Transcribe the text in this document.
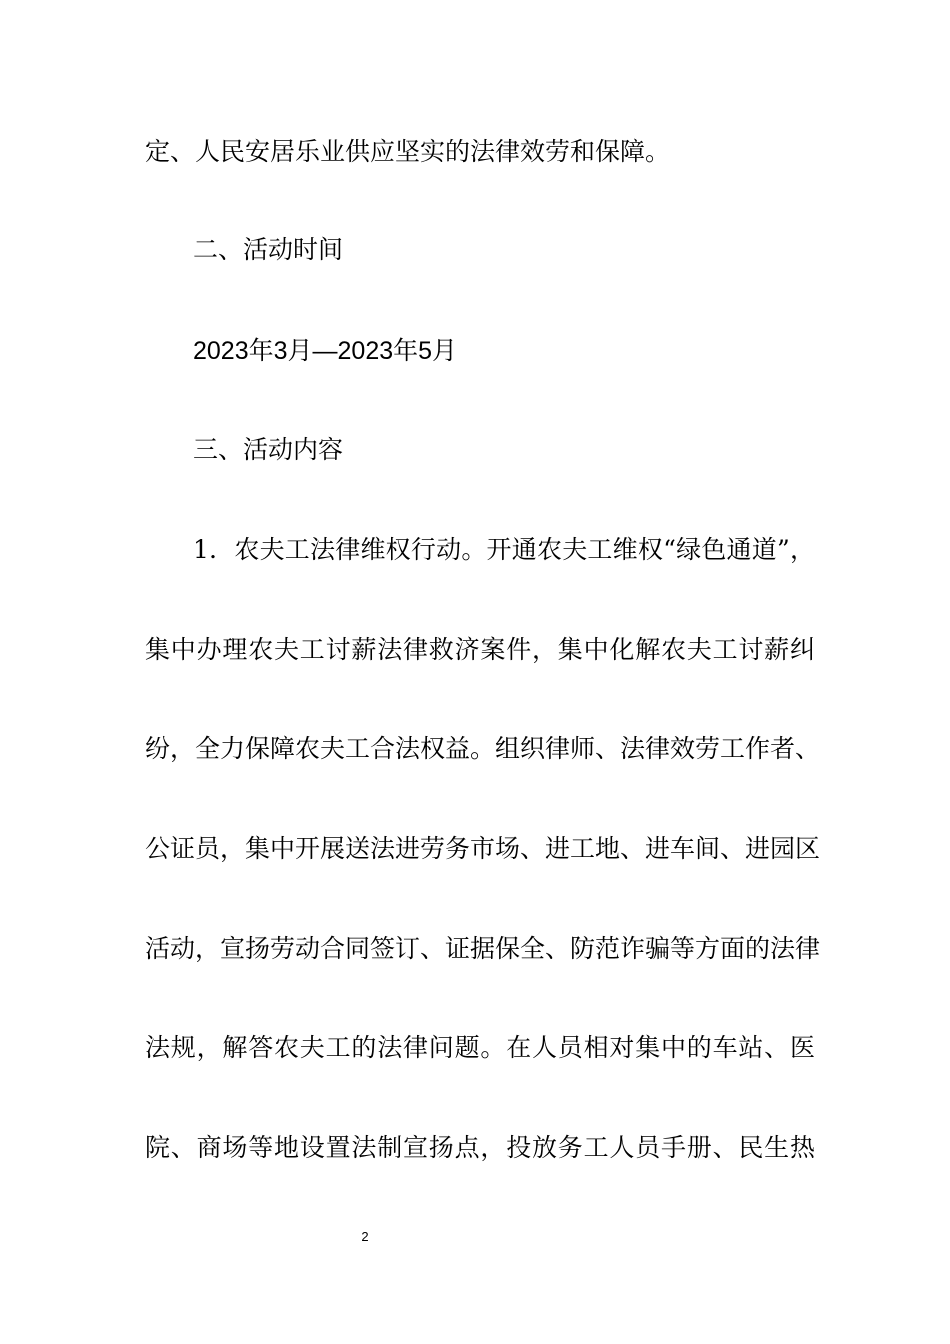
定、人民安居乐业供应坚实的法律效劳和保障。
二、活动时间
2023年3月—2023年5月
三、活动内容
1．农夫工法律维权行动。开通农夫工维权“绿色通道”，
集中办理农夫工讨薪法律救济案件，集中化解农夫工讨薪纠
纷，全力保障农夫工合法权益。组织律师、法律效劳工作者、
公证员，集中开展送法进劳务市场、进工地、进车间、进园区
活动，宣扬劳动合同签订、证据保全、防范诈骗等方面的法律
法规，解答农夫工的法律问题。在人员相对集中的车站、医
院、商场等地设置法制宣扬点，投放务工人员手册、民生热
2
